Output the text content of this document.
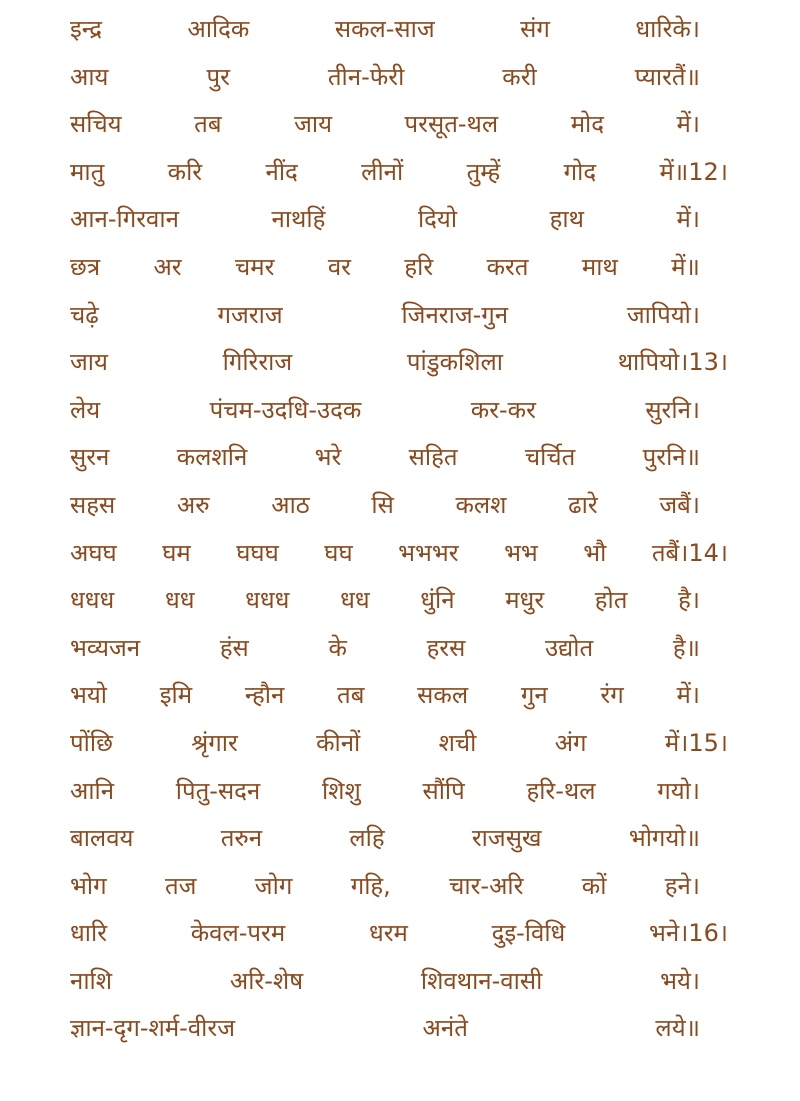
इन्द्र	आदिक	सकल-साज	संग	धारिके।
आय	पुर	तीन-फेरी	करी	प्यारतैं॥
सचिय	तब	जाय	परसूत-थल	मोद	में।
मातु	करि	नींद	लीनों	तुम्हें	गोद	में॥12।
आन-गिरवान	नाथहिं	दियो	हाथ	में।
छत्र अर चमर वर हरि करत माथ में॥
चढ़े	गजराज	जिनराज-गुन	जापियो।
जाय	गिरिराज	पांडुकशिला	थापियो।13।
लेय	पंचम-उदधि-उदक	कर-कर	सुरनि।
सुरन	कलशनि	भरे	सहित	चर्चित	पुरनि॥
सहस	अरु	आठ	सि	कलश	ढारे	जबैं।
अघघ घम घघघ घघ भभभर भभ भौ तबैं।14।
धधध धध धधध धध धुंनि मधुर होत है।
भव्यजन	हंस	के	हरस	उद्योत	है॥
भयो इमि न्हौन तब सकल गुन रंग में।
पोंछि	श्रृंगार	कीनों	शची	अंग	में।15।
आनि	पितु-सदन	शिशु	सौंपि	हरि-थल	गयो।
बालवय	तरुन	लहि	राजसुख	भोगयो॥
भोग तज जोग गहि, चार-अरि कों हने।
धारि	केवल-परम	धरम	दुइ-विधि	भने।16।
नाशि	अरि-शेष	शिवथान-वासी	भये।
ज्ञान-दृग-शर्म-वीरज	अनंते	लये॥
